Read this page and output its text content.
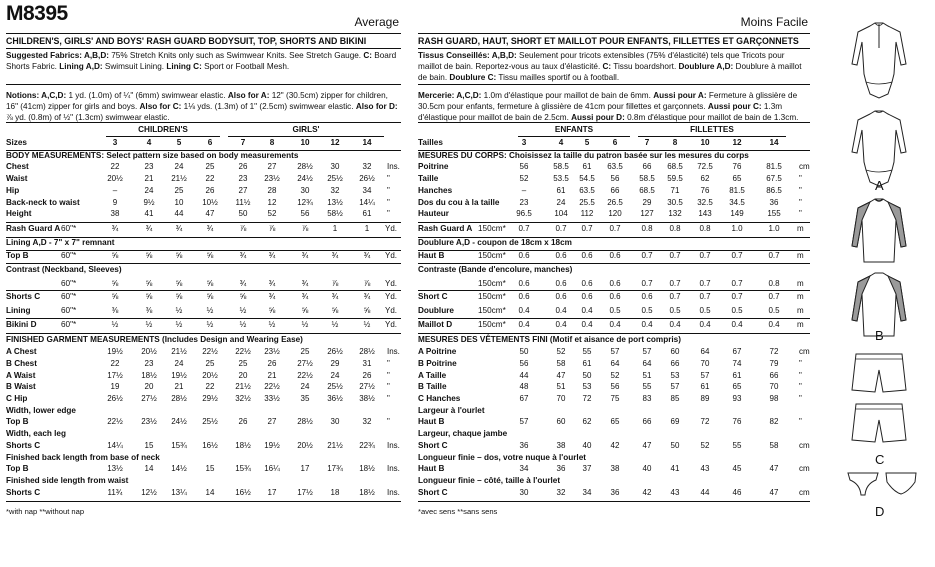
M8395	Average
CHILDREN'S, GIRLS' AND BOYS' RASH GUARD BODYSUIT, TOP, SHORTS AND BIKINI
Suggested Fabrics: A,B,D: 75% Stretch Knits only such as Swimwear Knits. See Stretch Gauge. C: Board Shorts Fabric. Lining A,D: Swimsuit Lining. Lining C: Sport or Football Mesh.
Notions: A,C,D: 1 yd. (1.0m) of ¼" (6mm) swimwear elastic. Also for A: 12" (30.5cm) zipper for children, 16" (41cm) zipper for girls and boys. Also for C: 1⅛ yds. (1.3m) of 1" (2.5cm) swimwear elastic. Also for D: ⅞ yd. (0.8m) of ½" (1.3cm) swimwear elastic.
CHILDREN'S	GIRLS'
Sizes	3	4	5	6	7	8	10	12	14
BODY MEASUREMENTS: Select pattern size based on body measurements
Chest	22	23	24	25	26	27	28½	30	32	Ins.
Waist	20½	21	21½	22	23	23½	24½	25½	26½	"
Hip	–	24	25	26	27	28	30	32	34	"
Back-neck to waist	9	9½	10	10½	11½	12	12¾	13½	14¼	"
Height	38	41	44	47	50	52	56	58½	61	"
Rash Guard A 60"*	¾	¾	¾	¾	⅞	⅞	⅞	1	1	Yd.
Lining A,D - 7" x 7" remnant
Top B	60"*	⅝	⅝	⅝	⅝	¾	¾	¾	¾	¾	Yd.
Contrast (Neckband, Sleeves)
60"*	⅝	⅝	⅝	⅝	¾	¾	¾	⅞	⅞	Yd.
Shorts C	60"*	⅝	⅝	⅝	⅝	⅝	¾	¾	¾	¾	Yd.
Lining	60"*	⅜	⅜	½	½	½	⅝	⅝	⅝	⅝	Yd.
Bikini D	60"*	½	½	½	½	½	½	½	½	½	Yd.
FINISHED GARMENT MEASUREMENTS (Includes Design and Wearing Ease)
A Chest	19½	20½	21½	22½	22½	23½	25	26½	28½	Ins.
B Chest	22	23	24	25	25	26	27½	29	31	"
A Waist	17½	18½	19½	20½	20	21	22½	24	26	"
B Waist	19	20	21	22	21½	22½	24	25½	27½	"
C Hip	26½	27½	28½	29½	32½	33½	35	36½	38½	"
Width, lower edge
Top B	22½	23½	24½	25½	26	27	28½	30	32	"
Width, each leg
Shorts C	14¼	15	15¾	16½	18½	19½	20½	21½	22¾	Ins.
Finished back length from base of neck
Top B	13½	14	14½	15	15¾	16¼	17	17¾	18½	Ins.
Finished side length from waist
Shorts C	11¾	12½	13¼	14	16½	17	17½	18	18½	Ins.
*with nap **without nap
Moins Facile
RASH GUARD, HAUT, SHORT ET MAILLOT POUR ENFANTS, FILLETTES ET GARÇONNETS
Tissus Conseillés: A,B,D: Seulement pour tricots extensibles (75% d'élasticité) tels que Tricots pour maillot de bain. Reportez-vous au taux d'élasticité. C: Tissu boardshort. Doublure A,D: Doublure à maillot de bain. Doublure C: Tissu mailles sportif ou à football.
Mercerie: A,C,D: 1.0m d'élastique pour maillot de bain de 6mm. Aussi pour A: Fermeture à glissière de 30.5cm pour enfants, fermeture à glissière de 41cm pour fillettes et garçonnets. Aussi pour C: 1.3m d'élastique pour maillot de bain de 2.5cm. Aussi pour D: 0.8m d'élastique pour maillot de bain de 1.3cm.
ENFANTS	FILLETTES
Tailles	3	4	5	6	7	8	10	12	14
MESURES DU CORPS: Choisissez la taille du patron basée sur les mesures du corps
Poitrine	56	58.5	61	63.5	66	68.5	72.5	76	81.5	cm
Taille	52	53.5	54.5	56	58.5	59.5	62	65	67.5	"
Hanches	–	61	63.5	66	68.5	71	76	81.5	86.5	"
Dos du cou à la taille	23	24	25.5	26.5	29	30.5	32.5	34.5	36	"
Hauteur	96.5	104	112	120	127	132	143	149	155	"
Rash Guard A 150cm*	0.7	0.7	0.7	0.7	0.8	0.8	0.8	1.0	1.0	m
Doublure A,D - coupon de 18cm x 18cm
Haut B	150cm*	0.6	0.6	0.6	0.6	0.7	0.7	0.7	0.7	0.7	m
Contraste (Bande d'encolure, manches)
150cm*	0.6	0.6	0.6	0.6	0.7	0.7	0.7	0.7	0.8	m
Short C	150cm*	0.6	0.6	0.6	0.6	0.6	0.7	0.7	0.7	0.7	m
Doublure	150cm*	0.4	0.4	0.4	0.5	0.5	0.5	0.5	0.5	0.5	m
Maillot D	150cm*	0.4	0.4	0.4	0.4	0.4	0.4	0.4	0.4	0.4	m
MESURES DES VÊTEMENTS FINI (Motif et aisance de port compris)
A Poitrine	50	52	55	57	57	60	64	67	72	cm
B Poitrine	56	58	61	64	64	66	70	74	79	"
A Taille	44	47	50	52	51	53	57	61	66	"
B Taille	48	51	53	56	55	57	61	65	70	"
C Hanches	67	70	72	75	83	85	89	93	98	"
Largeur à l'ourlet
Haut B	57	60	62	65	66	69	72	76	82	"
Largeur, chaque jambe
Short C	36	38	40	42	47	50	52	55	58	cm
Longueur finie – dos, votre nuque à l'ourlet
Haut B	34	36	37	38	40	41	43	45	47	cm
Longueur finie – côté, taille à l'ourlet
Short C	30	32	34	36	42	43	44	46	47	cm
*avec sens **sans sens
A
B
C
D
